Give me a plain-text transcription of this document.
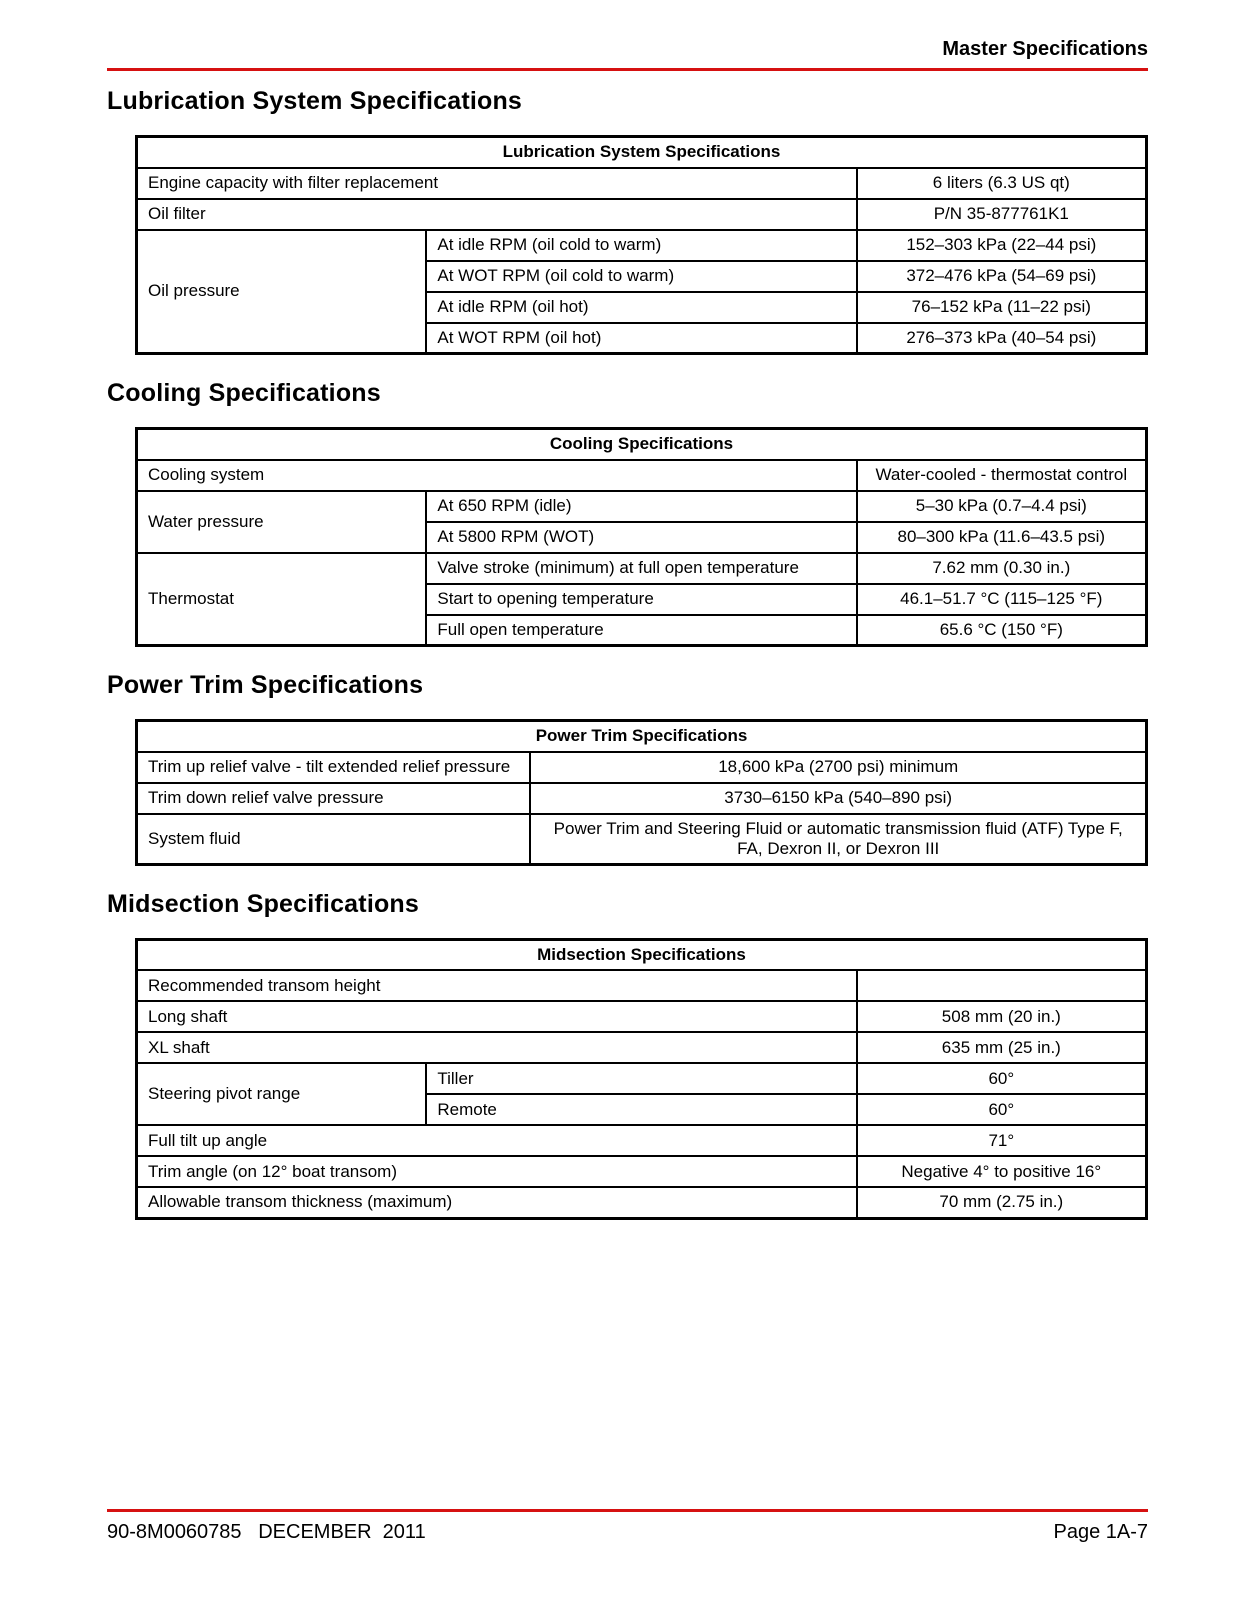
Master Specifications
Lubrication System Specifications
Lubrication System Specifications		
Engine capacity with filter replacement		6 liters (6.3 US qt)
Oil filter		P/N 35-877761K1
Oil pressure	At idle RPM (oil cold to warm)	152–303 kPa (22–44 psi)
	At WOT RPM (oil cold to warm)	372–476 kPa (54–69 psi)
	At idle RPM (oil hot)	76–152 kPa (11–22 psi)
	At WOT RPM (oil hot)	276–373 kPa (40–54 psi)
Cooling Specifications
Cooling Specifications		
Cooling system		Water-cooled - thermostat control
Water pressure	At 650 RPM (idle)	5–30 kPa (0.7–4.4 psi)
	At 5800 RPM (WOT)	80–300 kPa (11.6–43.5 psi)
Thermostat	Valve stroke (minimum) at full open temperature	7.62 mm (0.30 in.)
	Start to opening temperature	46.1–51.7 °C (115–125 °F)
	Full open temperature	65.6 °C (150 °F)
Power Trim Specifications
Power Trim Specifications	
Trim up relief valve - tilt extended relief pressure	18,600 kPa (2700 psi) minimum
Trim down relief valve pressure	3730–6150 kPa (540–890 psi)
System fluid	Power Trim and Steering Fluid or automatic transmission fluid (ATF) Type F, FA, Dexron II, or Dexron III
Midsection Specifications
Midsection Specifications		
Recommended transom height		
Long shaft		508 mm (20 in.)
XL shaft		635 mm (25 in.)
Steering pivot range	Tiller	60°
	Remote	60°
Full tilt up angle		71°
Trim angle (on 12° boat transom)		Negative 4° to positive 16°
Allowable transom thickness (maximum)		70 mm (2.75 in.)
90-8M0060785   DECEMBER  2011	Page 1A-7
